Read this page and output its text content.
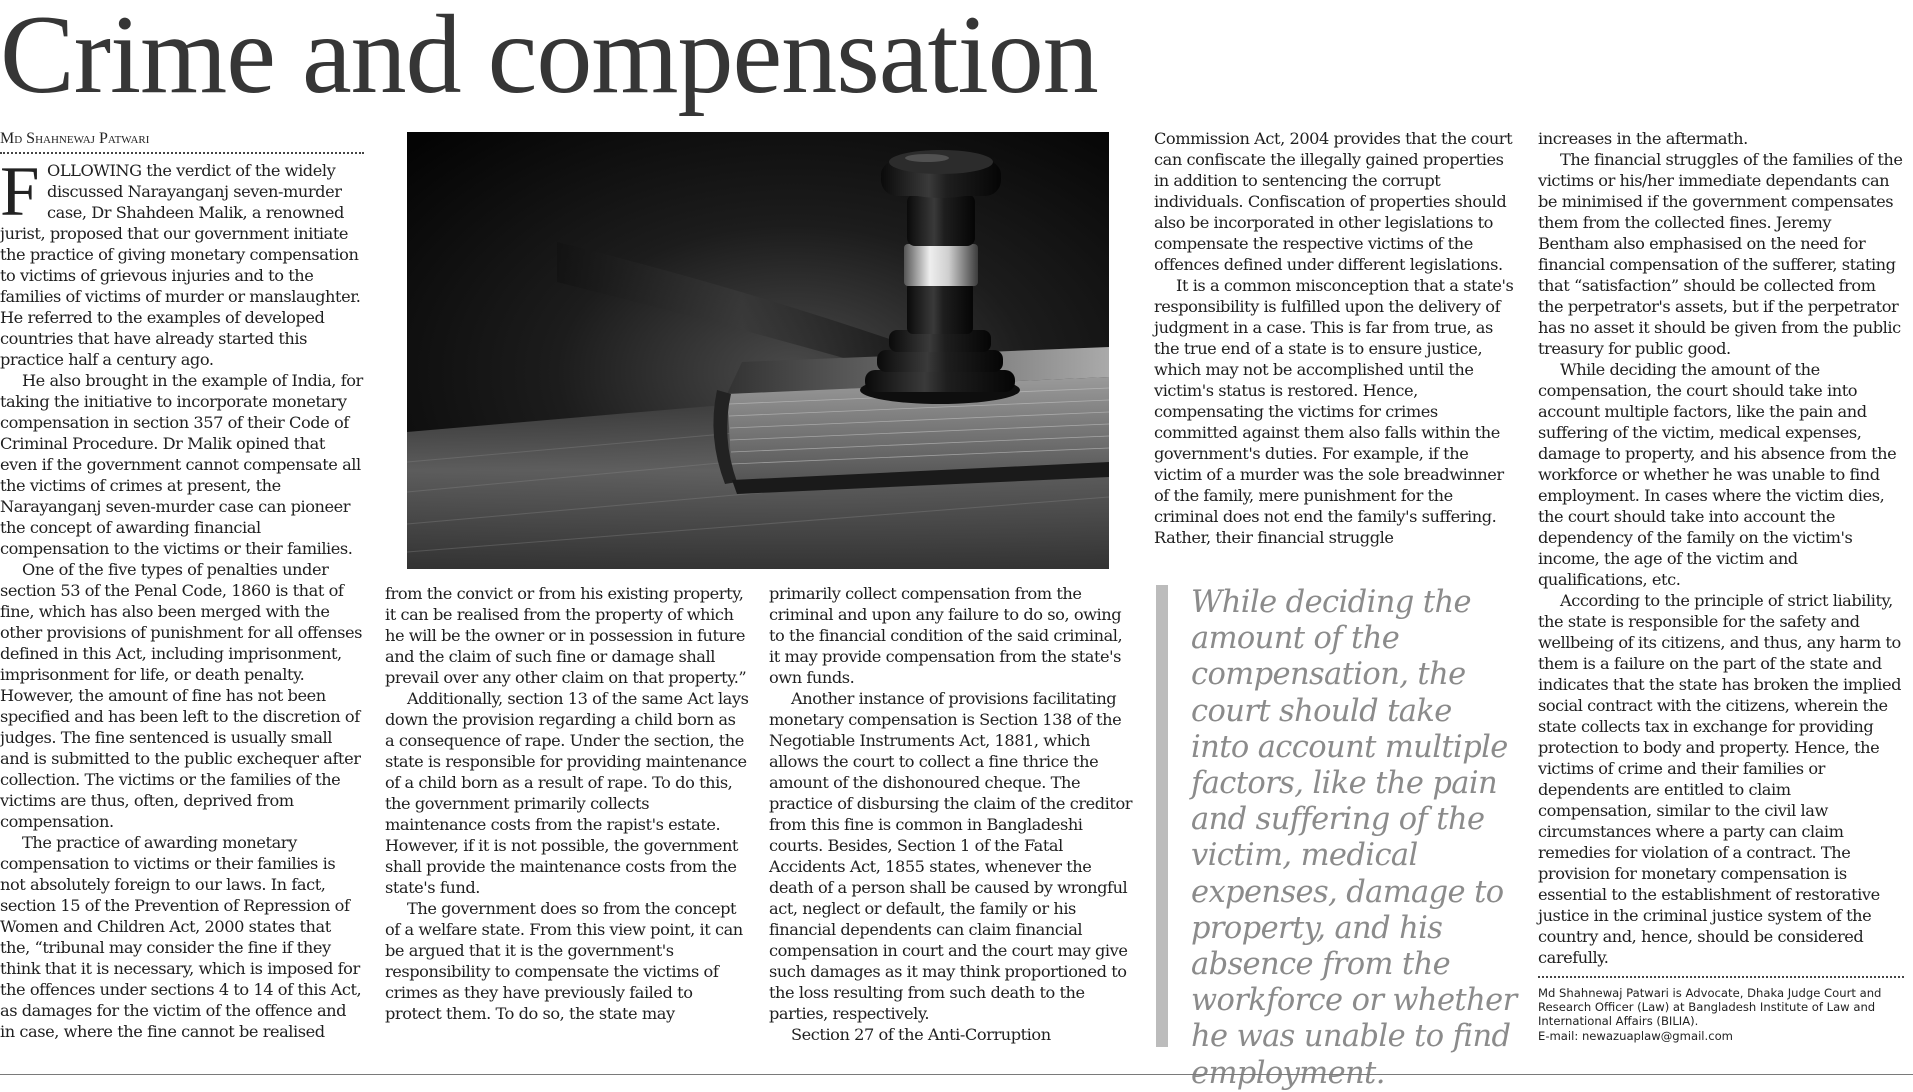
Crime and compensation
Md Shahnewaj Patwari

FOLLOWING the verdict of the widely discussed Narayanganj seven-murder case, Dr Shahdeen Malik, a renowned jurist, proposed that our government initiate the practice of giving monetary compensation to victims of grievous injuries and to the families of victims of murder or manslaughter. He referred to the examples of developed countries that have already started this practice half a century ago.

He also brought in the example of India, for taking the initiative to incorporate monetary compensation in section 357 of their Code of Criminal Procedure. Dr Malik opined that even if the government cannot compensate all the victims of crimes at present, the Narayanganj seven-murder case can pioneer the concept of awarding financial compensation to the victims or their families.

One of the five types of penalties under section 53 of the Penal Code, 1860 is that of fine, which has also been merged with the other provisions of punishment for all offenses defined in this Act, including imprisonment, imprisonment for life, or death penalty. However, the amount of fine has not been specified and has been left to the discretion of judges. The fine sentenced is usually small and is submitted to the public exchequer after collection. The victims or the families of the victims are thus, often, deprived from compensation.

The practice of awarding monetary compensation to victims or their families is not absolutely foreign to our laws. In fact, section 15 of the Prevention of Repression of Women and Children Act, 2000 states that the, “tribunal may consider the fine if they think that it is necessary, which is imposed for the offences under sections 4 to 14 of this Act, as damages for the victim of the offence and in case, where the fine cannot be realised

from the convict or from his existing property, it can be realised from the property of which he will be the owner or in possession in future and the claim of such fine or damage shall prevail over any other claim on that property.”

Additionally, section 13 of the same Act lays down the provision regarding a child born as a consequence of rape. Under the section, the state is responsible for providing maintenance of a child born as a result of rape. To do this, the government primarily collects maintenance costs from the rapist's estate. However, if it is not possible, the government shall provide the maintenance costs from the state's fund.

The government does so from the concept of a welfare state. From this view point, it can be argued that it is the government's responsibility to compensate the victims of crimes as they have previously failed to protect them. To do so, the state may

primarily collect compensation from the criminal and upon any failure to do so, owing to the financial condition of the said criminal, it may provide compensation from the state's own funds.

Another instance of provisions facilitating monetary compensation is Section 138 of the Negotiable Instruments Act, 1881, which allows the court to collect a fine thrice the amount of the dishonoured cheque. The practice of disbursing the claim of the creditor from this fine is common in Bangladeshi courts. Besides, Section 1 of the Fatal Accidents Act, 1855 states, whenever the death of a person shall be caused by wrongful act, neglect or default, the family or his financial dependents can claim financial compensation in court and the court may give such damages as it may think proportioned to the loss resulting from such death to the parties, respectively.

Section 27 of the Anti-Corruption

Commission Act, 2004 provides that the court can confiscate the illegally gained properties in addition to sentencing the corrupt individuals. Confiscation of properties should also be incorporated in other legislations to compensate the respective victims of the offences defined under different legislations.

It is a common misconception that a state's responsibility is fulfilled upon the delivery of judgment in a case. This is far from true, as the true end of a state is to ensure justice, which may not be accomplished until the victim's status is restored. Hence, compensating the victims for crimes committed against them also falls within the government's duties. For example, if the victim of a murder was the sole breadwinner of the family, mere punishment for the criminal does not end the family's suffering. Rather, their financial struggle

While deciding the amount of the compensation, the court should take into account multiple factors, like the pain and suffering of the victim, medical expenses, damage to property, and his absence from the workforce or whether he was unable to find employment.

increases in the aftermath.

The financial struggles of the families of the victims or his/her immediate dependants can be minimised if the government compensates them from the collected fines. Jeremy Bentham also emphasised on the need for financial compensation of the sufferer, stating that “satisfaction” should be collected from the perpetrator's assets, but if the perpetrator has no asset it should be given from the public treasury for public good.

While deciding the amount of the compensation, the court should take into account multiple factors, like the pain and suffering of the victim, medical expenses, damage to property, and his absence from the workforce or whether he was unable to find employment. In cases where the victim dies, the court should take into account the dependency of the family on the victim's income, the age of the victim and qualifications, etc.

According to the principle of strict liability, the state is responsible for the safety and wellbeing of its citizens, and thus, any harm to them is a failure on the part of the state and indicates that the state has broken the implied social contract with the citizens, wherein the state collects tax in exchange for providing protection to body and property. Hence, the victims of crime and their families or dependents are entitled to claim compensation, similar to the civil law circumstances where a party can claim remedies for violation of a contract. The provision for monetary compensation is essential to the establishment of restorative justice in the criminal justice system of the country and, hence, should be considered carefully.

Md Shahnewaj Patwari is Advocate, Dhaka Judge Court and Research Officer (Law) at Bangladesh Institute of Law and International Affairs (BILIA).
E-mail: newazuaplaw@gmail.com
